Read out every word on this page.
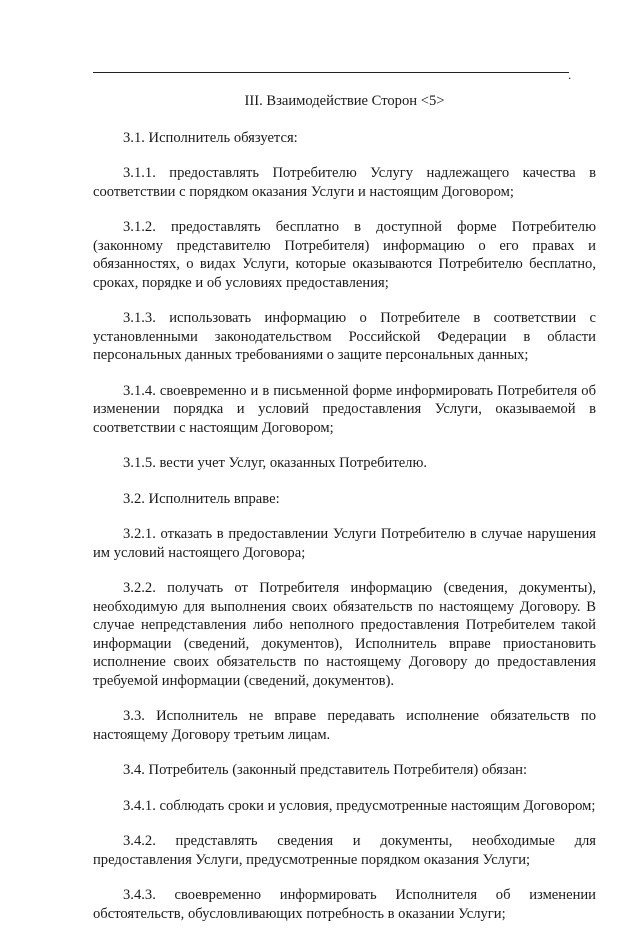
.
III. Взаимодействие Сторон <5>

3.1. Исполнитель обязуется:

3.1.1. предоставлять Потребителю Услугу надлежащего качества в соответствии с порядком оказания Услуги и настоящим Договором;

3.1.2. предоставлять бесплатно в доступной форме Потребителю (законному представителю Потребителя) информацию о его правах и обязанностях, о видах Услуги, которые оказываются Потребителю бесплатно, сроках, порядке и об условиях предоставления;

3.1.3. использовать информацию о Потребителе в соответствии с установленными законодательством Российской Федерации в области персональных данных требованиями о защите персональных данных;

3.1.4. своевременно и в письменной форме информировать Потребителя об изменении порядка и условий предоставления Услуги, оказываемой в соответствии с настоящим Договором;

3.1.5. вести учет Услуг, оказанных Потребителю.

3.2. Исполнитель вправе:

3.2.1. отказать в предоставлении Услуги Потребителю в случае нарушения им условий настоящего Договора;

3.2.2. получать от Потребителя информацию (сведения, документы), необходимую для выполнения своих обязательств по настоящему Договору. В случае непредставления либо неполного предоставления Потребителем такой информации (сведений, документов), Исполнитель вправе приостановить исполнение своих обязательств по настоящему Договору до предоставления требуемой информации (сведений, документов).

3.3. Исполнитель не вправе передавать исполнение обязательств по настоящему Договору третьим лицам.

3.4. Потребитель (законный представитель Потребителя) обязан:

3.4.1. соблюдать сроки и условия, предусмотренные настоящим Договором;

3.4.2. представлять сведения и документы, необходимые для предоставления Услуги, предусмотренные порядком оказания Услуги;

3.4.3. своевременно информировать Исполнителя об изменении обстоятельств, обусловливающих потребность в оказании Услуги;
